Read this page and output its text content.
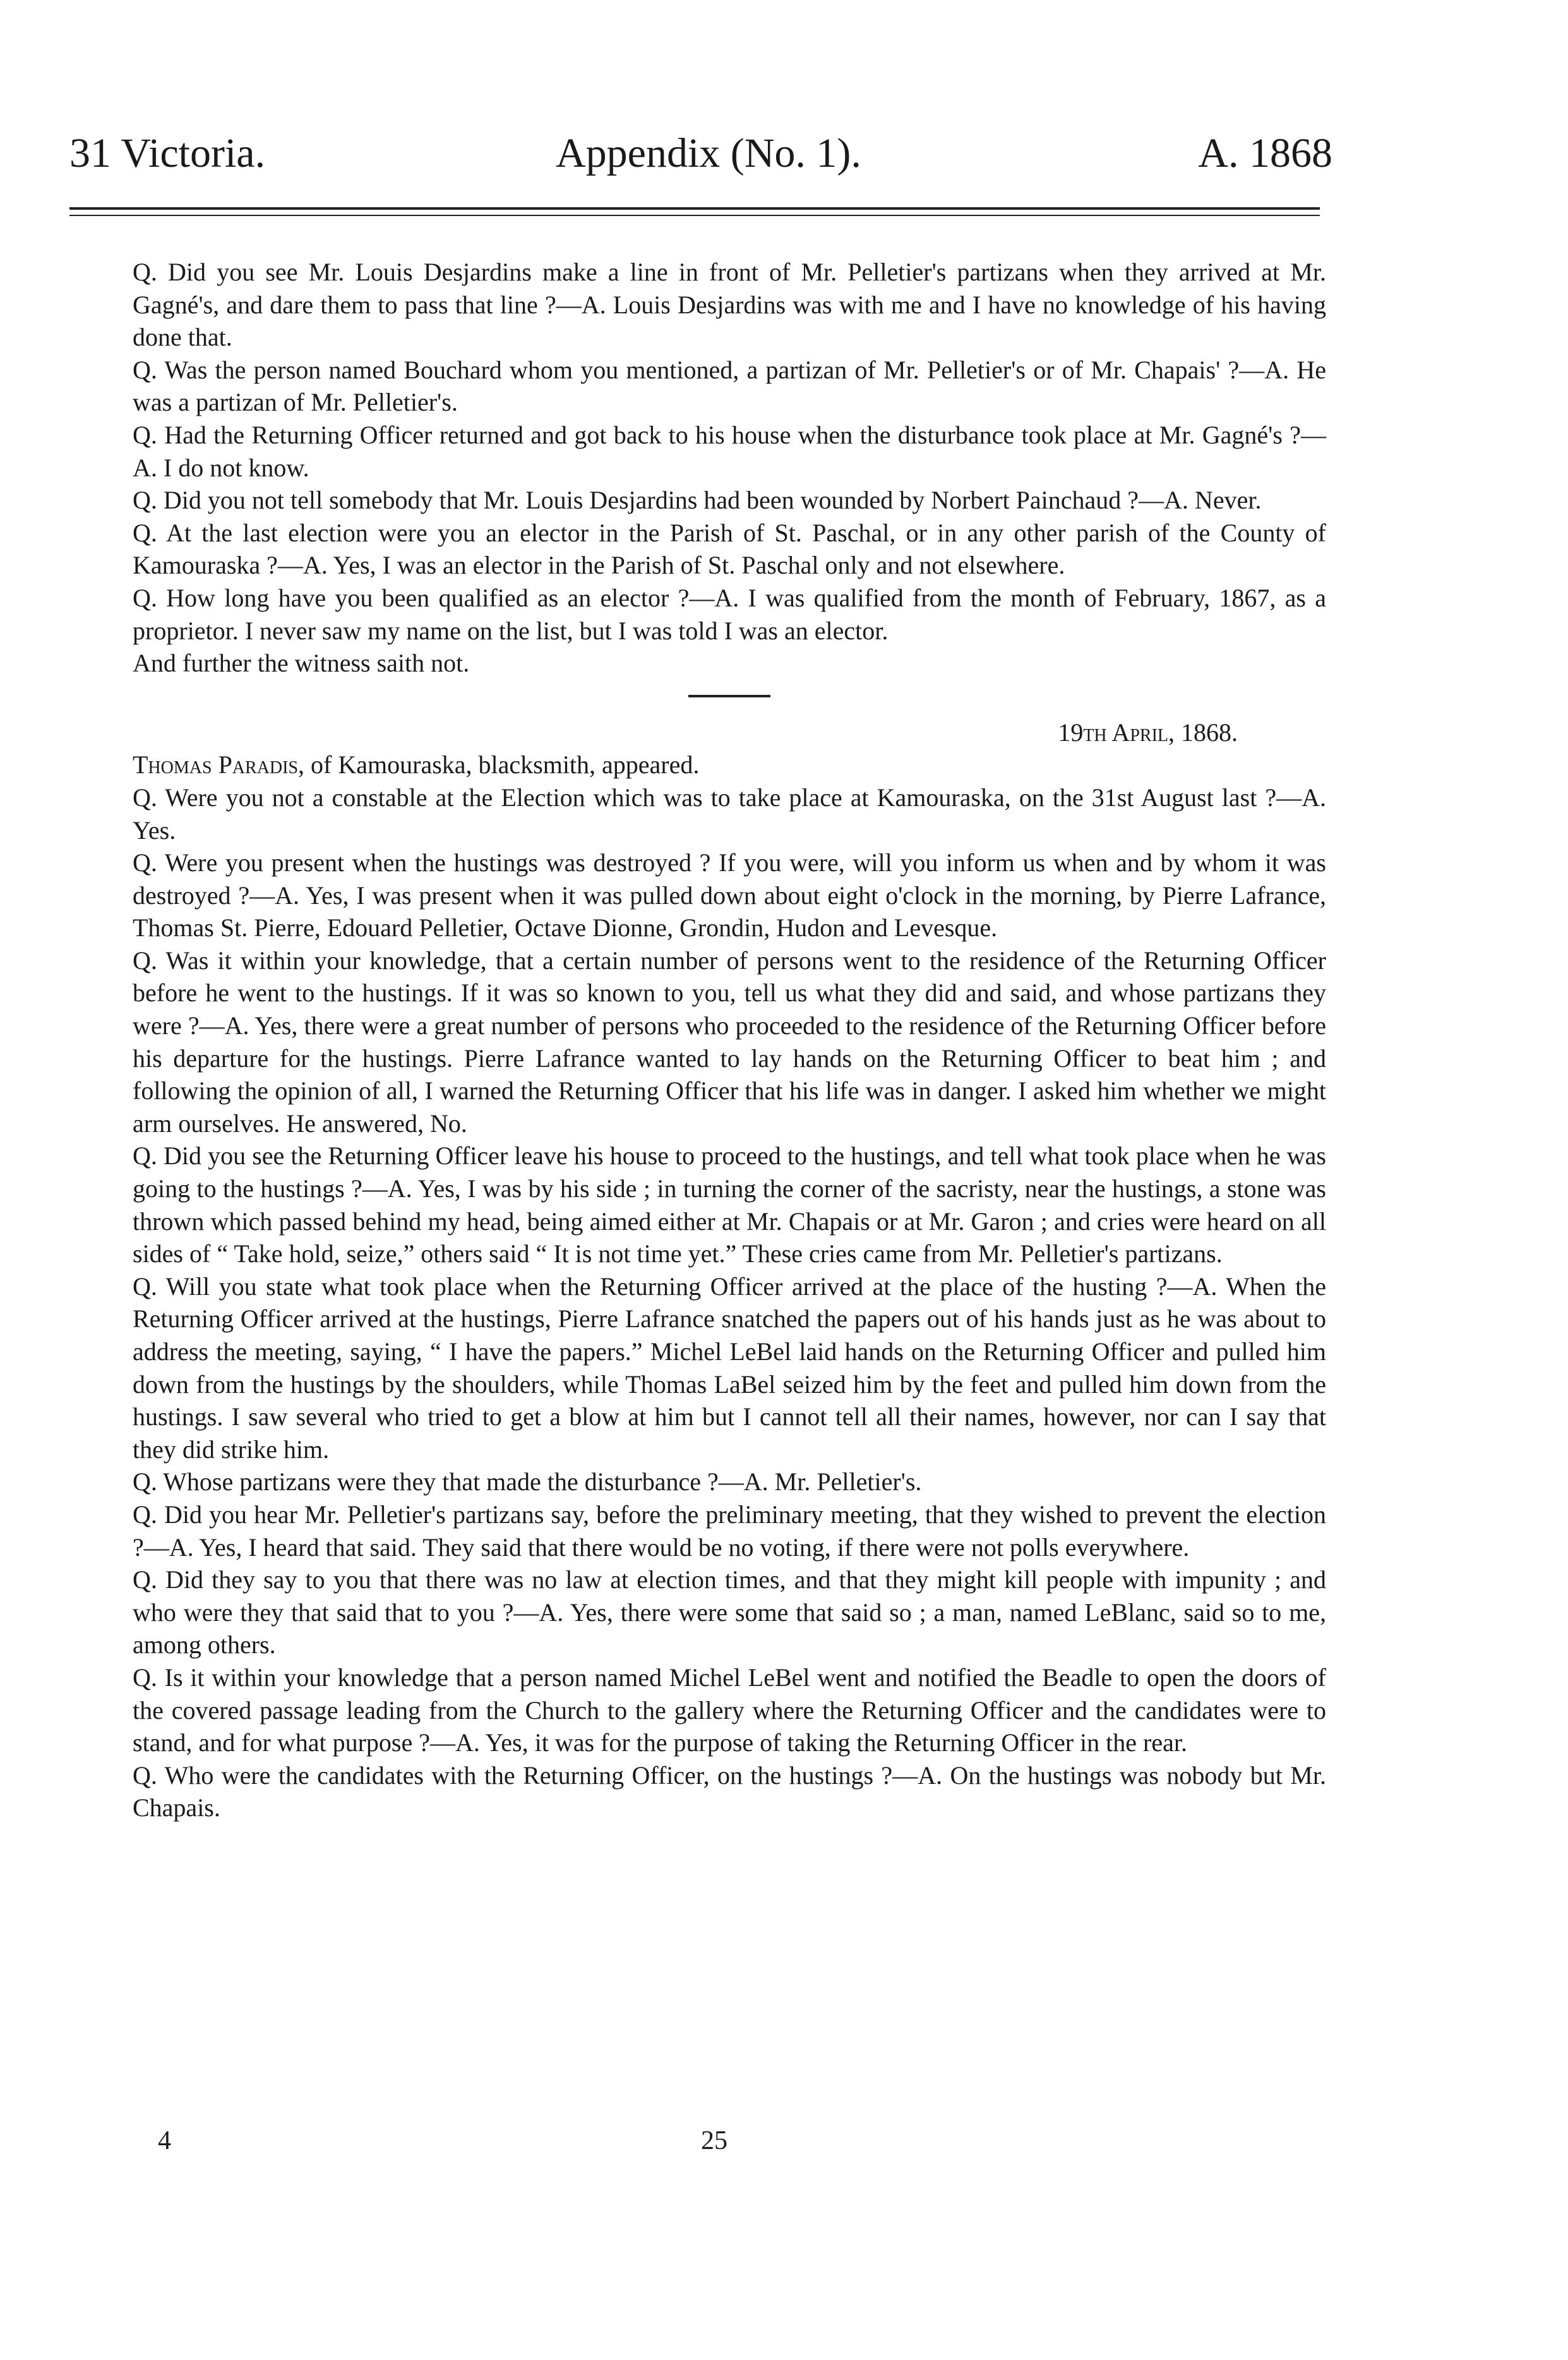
31 Victoria.	Appendix (No. 1).	A. 1868

Q. Did you see Mr. Louis Desjardins make a line in front of Mr. Pelletier's partizans when they arrived at Mr. Gagné's, and dare them to pass that line ?—A. Louis Desjardins was with me and I have no knowledge of his having done that.

Q. Was the person named Bouchard whom you mentioned, a partizan of Mr. Pelletier's or of Mr. Chapais' ?—A. He was a partizan of Mr. Pelletier's.

Q. Had the Returning Officer returned and got back to his house when the disturbance took place at Mr. Gagné's ?—A. I do not know.

Q. Did you not tell somebody that Mr. Louis Desjardins had been wounded by Norbert Painchaud ?—A. Never.

Q. At the last election were you an elector in the Parish of St. Paschal, or in any other parish of the County of Kamouraska ?—A. Yes, I was an elector in the Parish of St. Paschal only and not elsewhere.

Q. How long have you been qualified as an elector ?—A. I was qualified from the month of February, 1867, as a proprietor. I never saw my name on the list, but I was told I was an elector.

And further the witness saith not.

19th April, 1868.

Thomas Paradis, of Kamouraska, blacksmith, appeared.

Q. Were you not a constable at the Election which was to take place at Kamouraska, on the 31st August last ?—A. Yes.

Q. Were you present when the hustings was destroyed ? If you were, will you inform us when and by whom it was destroyed ?—A. Yes, I was present when it was pulled down about eight o'clock in the morning, by Pierre Lafrance, Thomas St. Pierre, Edouard Pelletier, Octave Dionne, Grondin, Hudon and Levesque.

Q. Was it within your knowledge, that a certain number of persons went to the residence of the Returning Officer before he went to the hustings. If it was so known to you, tell us what they did and said, and whose partizans they were ?—A. Yes, there were a great number of persons who proceeded to the residence of the Returning Officer before his departure for the hustings. Pierre Lafrance wanted to lay hands on the Returning Officer to beat him ; and following the opinion of all, I warned the Returning Officer that his life was in danger. I asked him whether we might arm ourselves. He answered, No.

Q. Did you see the Returning Officer leave his house to proceed to the hustings, and tell what took place when he was going to the hustings ?—A. Yes, I was by his side ; in turning the corner of the sacristy, near the hustings, a stone was thrown which passed behind my head, being aimed either at Mr. Chapais or at Mr. Garon ; and cries were heard on all sides of “ Take hold, seize,” others said “ It is not time yet.” These cries came from Mr. Pelletier's partizans.

Q. Will you state what took place when the Returning Officer arrived at the place of the husting ?—A. When the Returning Officer arrived at the hustings, Pierre Lafrance snatched the papers out of his hands just as he was about to address the meeting, saying, “ I have the papers.” Michel LeBel laid hands on the Returning Officer and pulled him down from the hustings by the shoulders, while Thomas LaBel seized him by the feet and pulled him down from the hustings. I saw several who tried to get a blow at him but I cannot tell all their names, however, nor can I say that they did strike him.

Q. Whose partizans were they that made the disturbance ?—A. Mr. Pelletier's.

Q. Did you hear Mr. Pelletier's partizans say, before the preliminary meeting, that they wished to prevent the election ?—A. Yes, I heard that said. They said that there would be no voting, if there were not polls everywhere.

Q. Did they say to you that there was no law at election times, and that they might kill people with impunity ; and who were they that said that to you ?—A. Yes, there were some that said so ; a man, named LeBlanc, said so to me, among others.

Q. Is it within your knowledge that a person named Michel LeBel went and notified the Beadle to open the doors of the covered passage leading from the Church to the gallery where the Returning Officer and the candidates were to stand, and for what purpose ?—A. Yes, it was for the purpose of taking the Returning Officer in the rear.

Q. Who were the candidates with the Returning Officer, on the hustings ?—A. On the hustings was nobody but Mr. Chapais.

4	25
